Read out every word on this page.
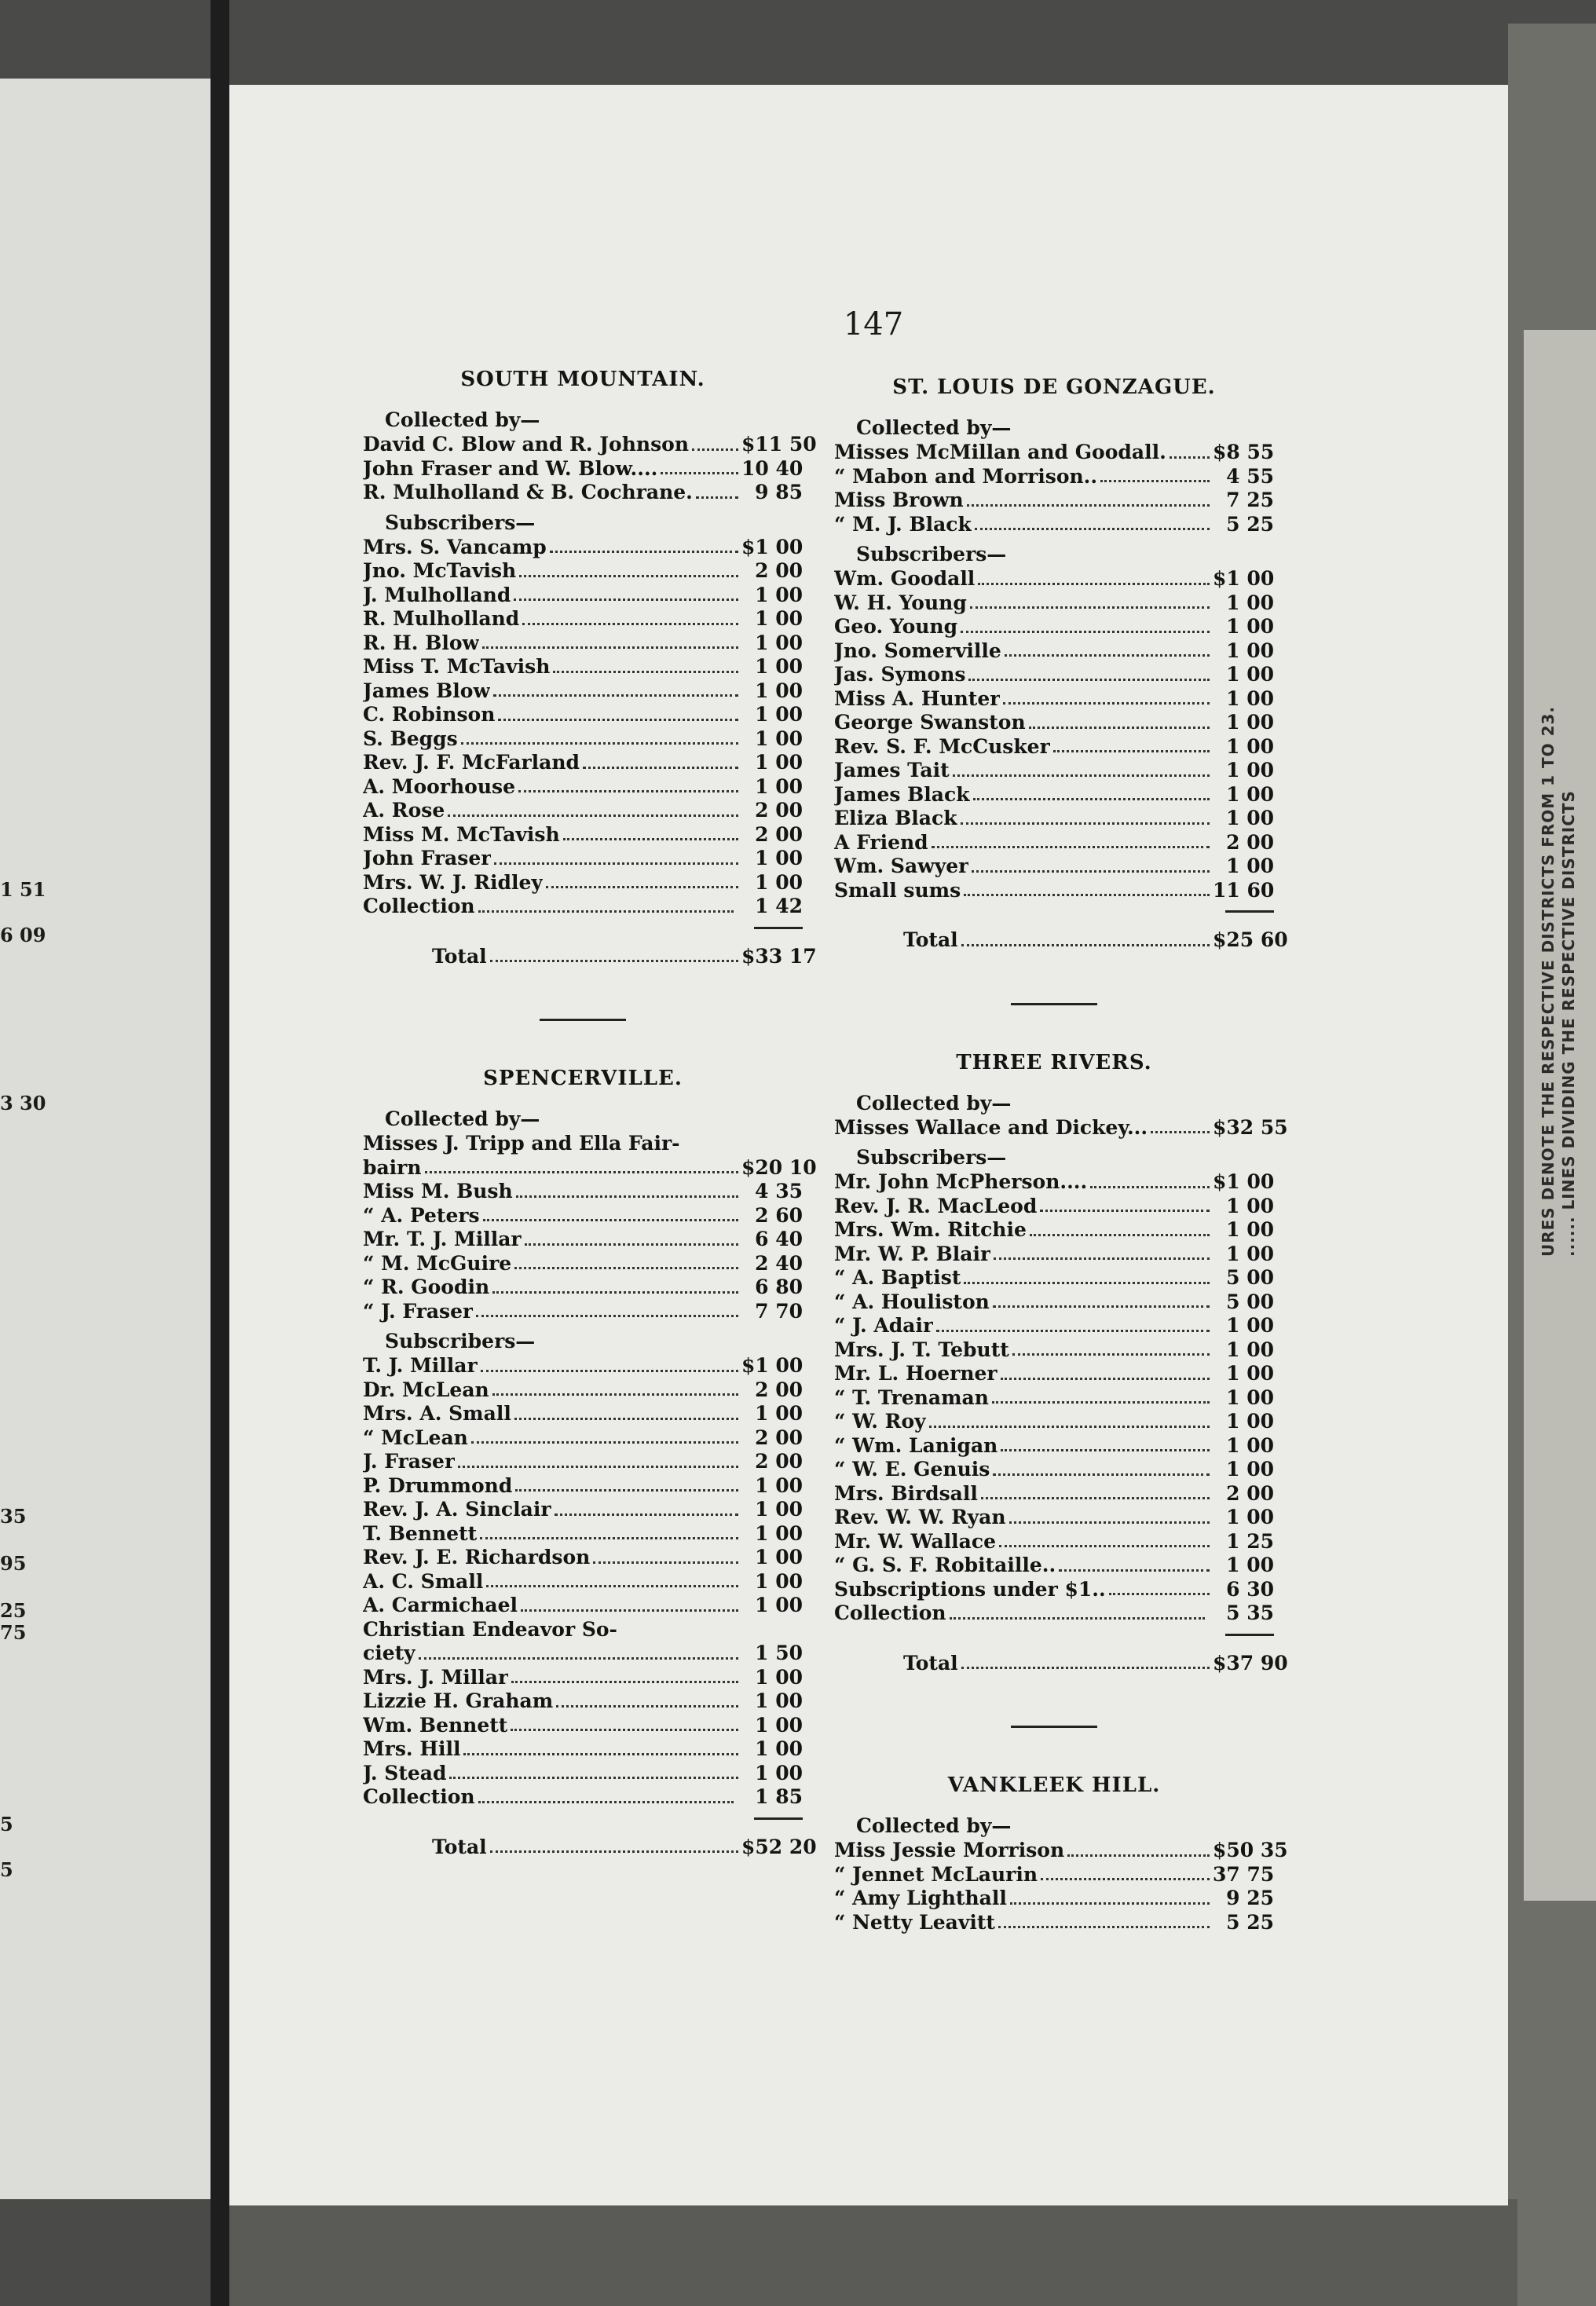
URES DENOTE THE RESPECTIVE DISTRICTS FROM 1 TO 23. ...... LINES DIVIDING THE RESPECTIVE DISTRICTS
1 51
6 09
3 30
35
95
25
75
5
5
147
SOUTH MOUNTAIN.
Collected by—
David C. Blow and R. Johnson	$11 50
John Fraser and W. Blow....	10 40
R. Mulholland & B. Cochrane.	9 85
Subscribers—
Mrs. S. Vancamp	$1 00
Jno. McTavish	2 00
J. Mulholland	1 00
R. Mulholland	1 00
R. H. Blow	1 00
Miss T. McTavish	1 00
James Blow	1 00
C. Robinson	1 00
S. Beggs	1 00
Rev. J. F. McFarland	1 00
A. Moorhouse	1 00
A. Rose	2 00
Miss M. McTavish	2 00
John Fraser	1 00
Mrs. W. J. Ridley	1 00
Collection	1 42
Total	$33 17
SPENCERVILLE.
Collected by—
Misses J. Tripp and Ella Fair-
bairn	$20 10
Miss M. Bush	4 35
“ A. Peters	2 60
Mr. T. J. Millar	6 40
“ M. McGuire	2 40
“ R. Goodin	6 80
“ J. Fraser	7 70
Subscribers—
T. J. Millar	$1 00
Dr. McLean	2 00
Mrs. A. Small	1 00
“ McLean	2 00
J. Fraser	2 00
P. Drummond	1 00
Rev. J. A. Sinclair	1 00
T. Bennett	1 00
Rev. J. E. Richardson	1 00
A. C. Small	1 00
A. Carmichael	1 00
Christian Endeavor So-
ciety	1 50
Mrs. J. Millar	1 00
Lizzie H. Graham	1 00
Wm. Bennett	1 00
Mrs. Hill	1 00
J. Stead	1 00
Collection	1 85
Total	$52 20
ST. LOUIS DE GONZAGUE.
Collected by—
Misses McMillan and Goodall. $8 55
“ Mabon and Morrison..	4 55
Miss Brown	7 25
“ M. J. Black	5 25
Subscribers—
Wm. Goodall	$1 00
W. H. Young	1 00
Geo. Young	1 00
Jno. Somerville	1 00
Jas. Symons	1 00
Miss A. Hunter	1 00
George Swanston	1 00
Rev. S. F. McCusker	1 00
James Tait	1 00
James Black	1 00
Eliza Black	1 00
A Friend	2 00
Wm. Sawyer	1 00
Small sums	11 60
Total	$25 60
THREE RIVERS.
Collected by—
Misses Wallace and Dickey...	$32 55
Subscribers—
Mr. John McPherson....	$1 00
Rev. J. R. MacLeod	1 00
Mrs. Wm. Ritchie	1 00
Mr. W. P. Blair	1 00
“ A. Baptist	5 00
“ A. Houliston	5 00
“ J. Adair	1 00
Mrs. J. T. Tebutt	1 00
Mr. L. Hoerner	1 00
“ T. Trenaman	1 00
“ W. Roy	1 00
“ Wm. Lanigan	1 00
“ W. E. Genuis	1 00
Mrs. Birdsall	2 00
Rev. W. W. Ryan	1 00
Mr. W. Wallace	1 25
“ G. S. F. Robitaille..	1 00
Subscriptions under $1..	6 30
Collection	5 35
Total	$37 90
VANKLEEK HILL.
Collected by—
Miss Jessie Morrison	$50 35
“ Jennet McLaurin	37 75
“ Amy Lighthall	9 25
“ Netty Leavitt	5 25
